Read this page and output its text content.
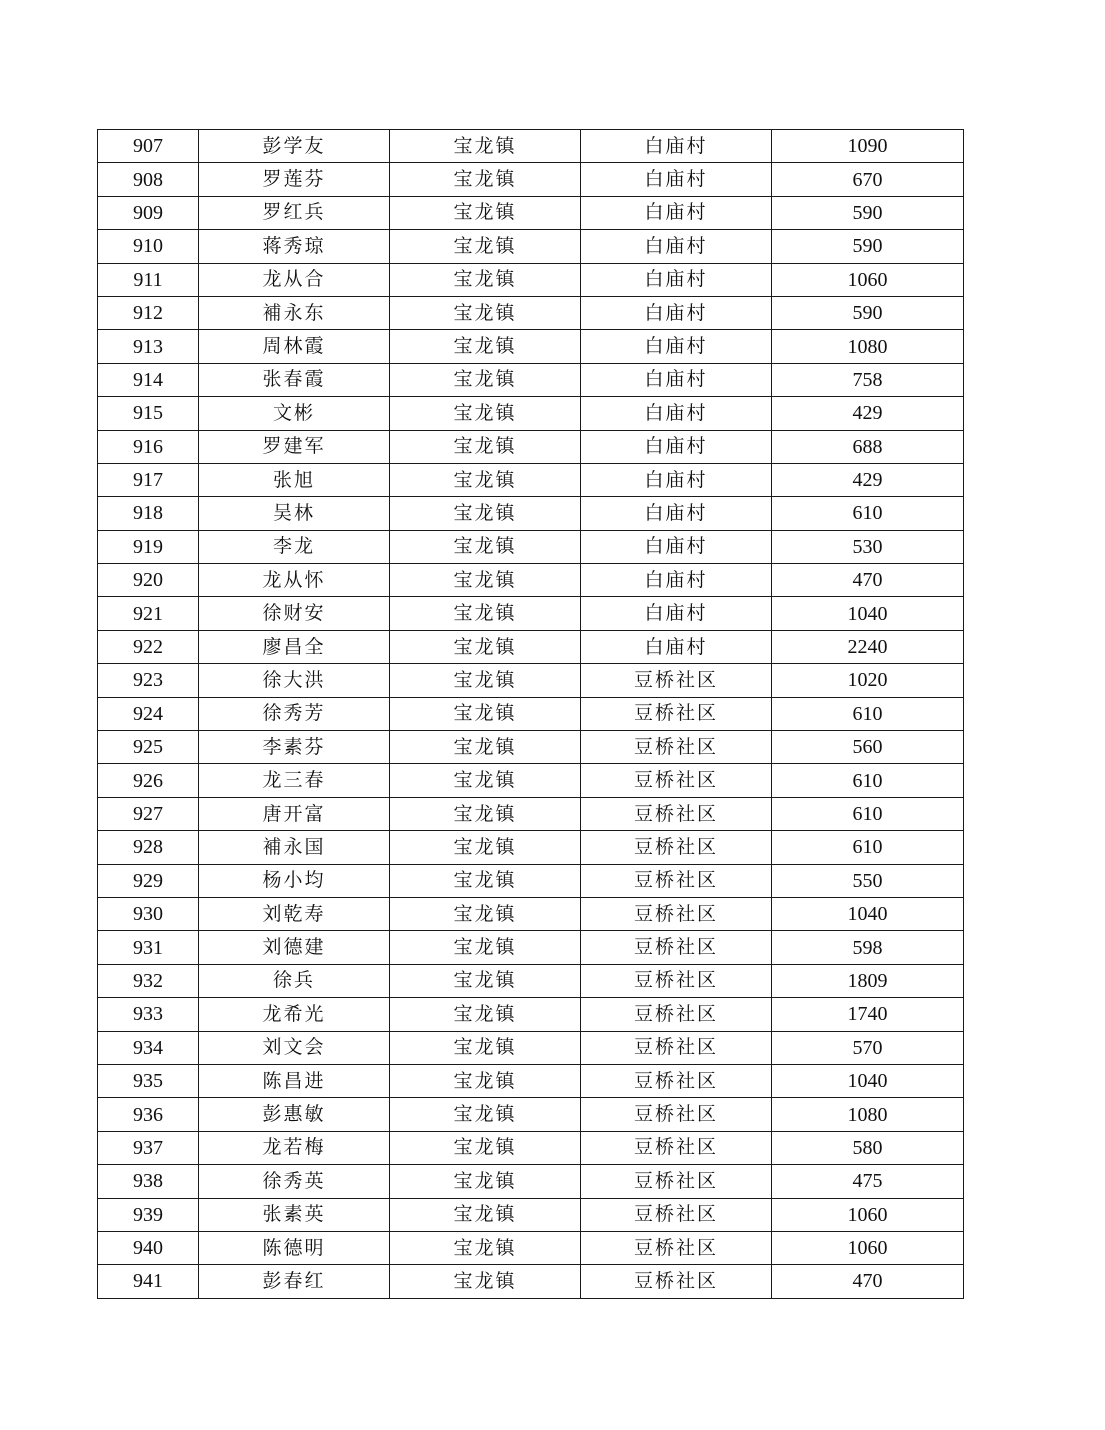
907	彭学友	宝龙镇	白庙村	1090
908	罗莲芬	宝龙镇	白庙村	670
909	罗红兵	宝龙镇	白庙村	590
910	蒋秀琼	宝龙镇	白庙村	590
911	龙从合	宝龙镇	白庙村	1060
912	補永东	宝龙镇	白庙村	590
913	周林霞	宝龙镇	白庙村	1080
914	张春霞	宝龙镇	白庙村	758
915	文彬	宝龙镇	白庙村	429
916	罗建军	宝龙镇	白庙村	688
917	张旭	宝龙镇	白庙村	429
918	吴林	宝龙镇	白庙村	610
919	李龙	宝龙镇	白庙村	530
920	龙从怀	宝龙镇	白庙村	470
921	徐财安	宝龙镇	白庙村	1040
922	廖昌全	宝龙镇	白庙村	2240
923	徐大洪	宝龙镇	豆桥社区	1020
924	徐秀芳	宝龙镇	豆桥社区	610
925	李素芬	宝龙镇	豆桥社区	560
926	龙三春	宝龙镇	豆桥社区	610
927	唐开富	宝龙镇	豆桥社区	610
928	補永国	宝龙镇	豆桥社区	610
929	杨小均	宝龙镇	豆桥社区	550
930	刘乾寿	宝龙镇	豆桥社区	1040
931	刘德建	宝龙镇	豆桥社区	598
932	徐兵	宝龙镇	豆桥社区	1809
933	龙希光	宝龙镇	豆桥社区	1740
934	刘文会	宝龙镇	豆桥社区	570
935	陈昌进	宝龙镇	豆桥社区	1040
936	彭惠敏	宝龙镇	豆桥社区	1080
937	龙若梅	宝龙镇	豆桥社区	580
938	徐秀英	宝龙镇	豆桥社区	475
939	张素英	宝龙镇	豆桥社区	1060
940	陈德明	宝龙镇	豆桥社区	1060
941	彭春红	宝龙镇	豆桥社区	470
